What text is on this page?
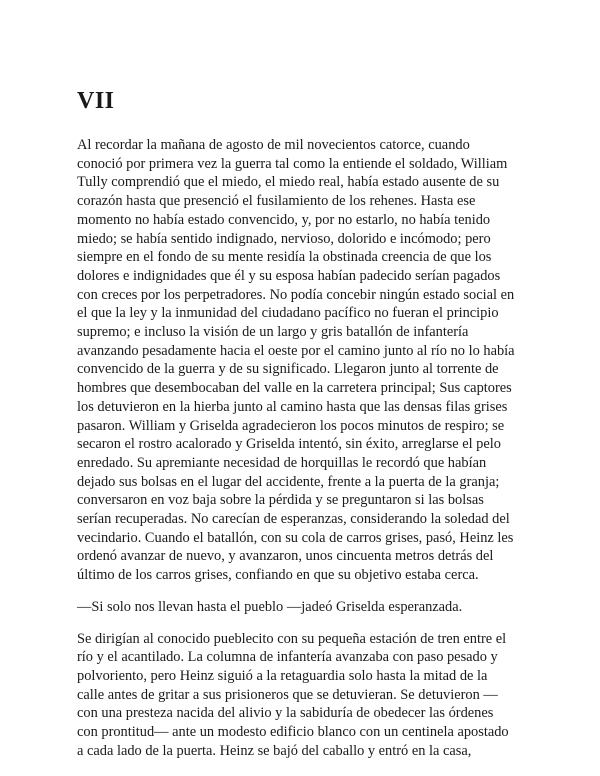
VII

Al recordar la mañana de agosto de mil novecientos catorce, cuando
conoció por primera vez la guerra tal como la entiende el soldado, William
Tully comprendió que el miedo, el miedo real, había estado ausente de su
corazón hasta que presenció el fusilamiento de los rehenes. Hasta ese
momento no había estado convencido, y, por no estarlo, no había tenido
miedo; se había sentido indignado, nervioso, dolorido e incómodo; pero
siempre en el fondo de su mente residía la obstinada creencia de que los
dolores e indignidades que él y su esposa habían padecido serían pagados
con creces por los perpetradores. No podía concebir ningún estado social en
el que la ley y la inmunidad del ciudadano pacífico no fueran el principio
supremo; e incluso la visión de un largo y gris batallón de infantería
avanzando pesadamente hacia el oeste por el camino junto al río no lo había
convencido de la guerra y de su significado. Llegaron junto al torrente de
hombres que desembocaban del valle en la carretera principal; Sus captores
los detuvieron en la hierba junto al camino hasta que las densas filas grises
pasaron. William y Griselda agradecieron los pocos minutos de respiro; se
secaron el rostro acalorado y Griselda intentó, sin éxito, arreglarse el pelo
enredado. Su apremiante necesidad de horquillas le recordó que habían
dejado sus bolsas en el lugar del accidente, frente a la puerta de la granja;
conversaron en voz baja sobre la pérdida y se preguntaron si las bolsas
serían recuperadas. No carecían de esperanzas, considerando la soledad del
vecindario. Cuando el batallón, con su cola de carros grises, pasó, Heinz les
ordenó avanzar de nuevo, y avanzaron, unos cincuenta metros detrás del
último de los carros grises, confiando en que su objetivo estaba cerca.

—Si solo nos llevan hasta el pueblo —jadeó Griselda esperanzada.

Se dirigían al conocido pueblecito con su pequeña estación de tren entre el
río y el acantilado. La columna de infantería avanzaba con paso pesado y
polvoriento, pero Heinz siguió a la retaguardia solo hasta la mitad de la
calle antes de gritar a sus prisioneros que se detuvieran. Se detuvieron —
con una presteza nacida del alivio y la sabiduría de obedecer las órdenes
con prontitud— ante un modesto edificio blanco con un centinela apostado
a cada lado de la puerta. Heinz se bajó del caballo y entró en la casa,
